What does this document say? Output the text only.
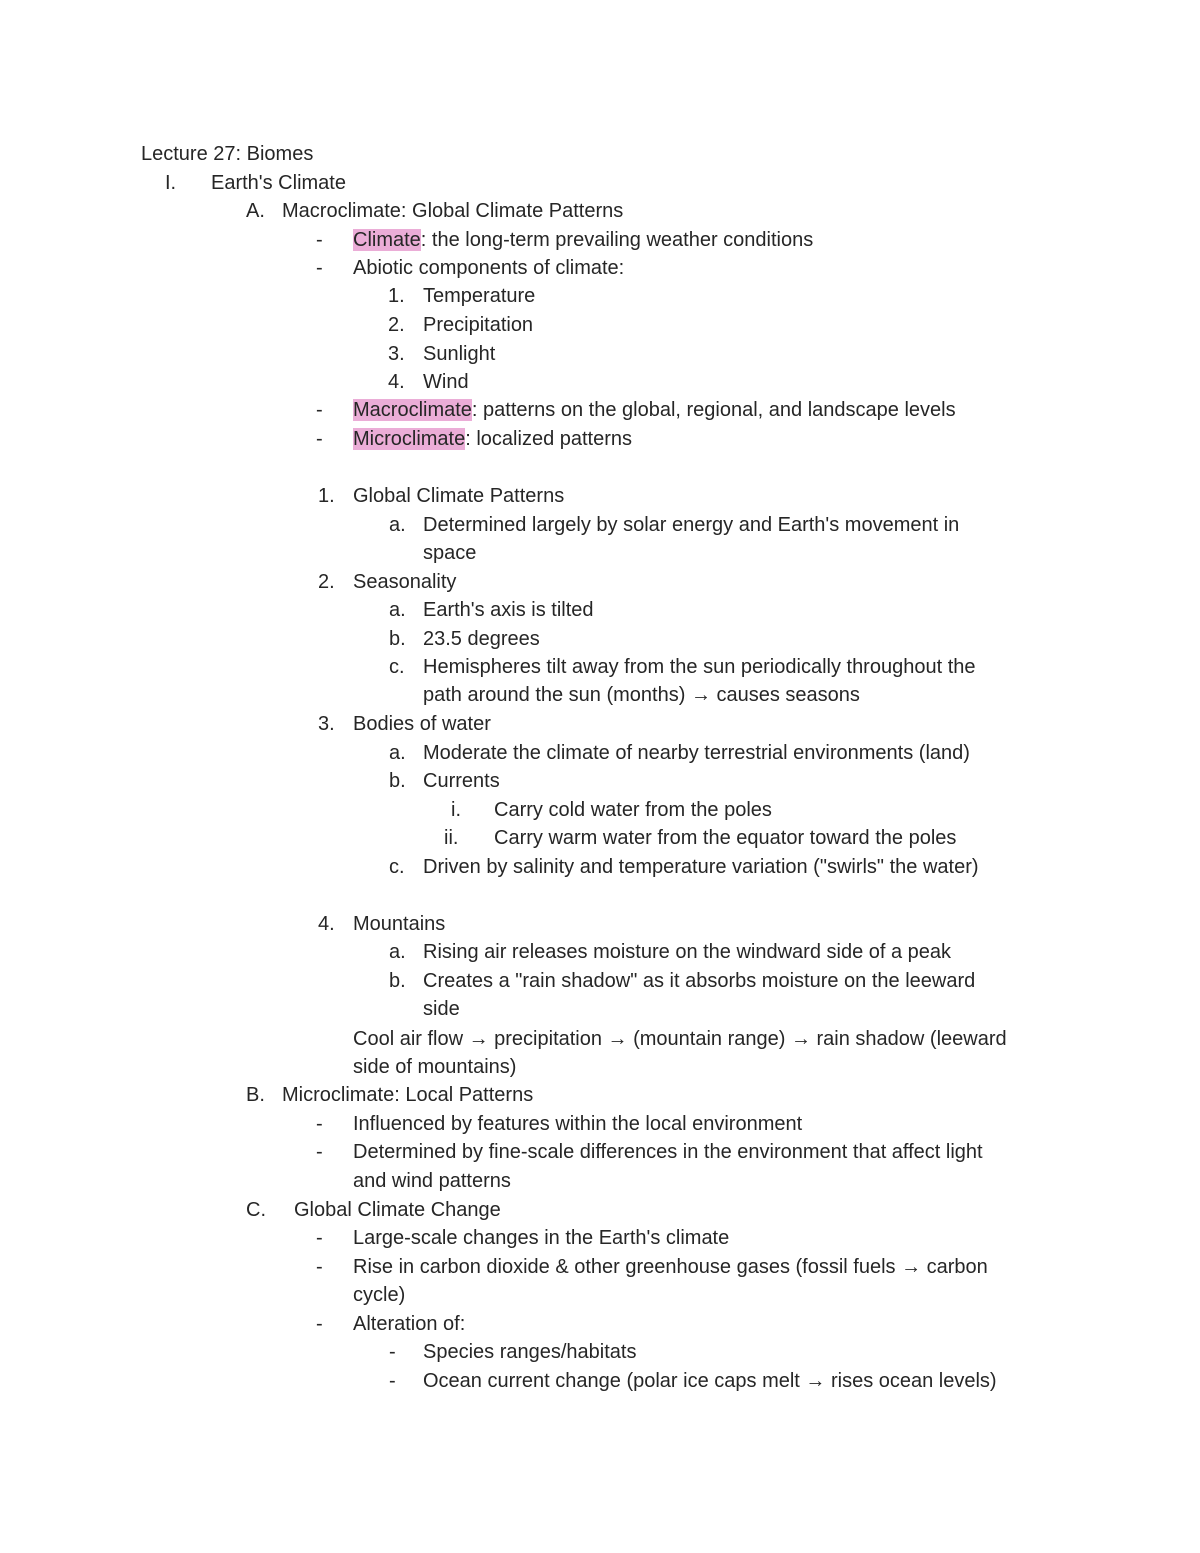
Lecture 27: Biomes
I. Earth's Climate
A. Macroclimate: Global Climate Patterns
- Climate: the long-term prevailing weather conditions
- Abiotic components of climate:
1. Temperature
2. Precipitation
3. Sunlight
4. Wind
- Macroclimate: patterns on the global, regional, and landscape levels
- Microclimate: localized patterns
1. Global Climate Patterns
a. Determined largely by solar energy and Earth's movement in
space
2. Seasonality
a. Earth's axis is tilted
b. 23.5 degrees
c. Hemispheres tilt away from the sun periodically throughout the
path around the sun (months) → causes seasons
3. Bodies of water
a. Moderate the climate of nearby terrestrial environments (land)
b. Currents
i. Carry cold water from the poles
ii. Carry warm water from the equator toward the poles
c. Driven by salinity and temperature variation ("swirls" the water)
4. Mountains
a. Rising air releases moisture on the windward side of a peak
b. Creates a "rain shadow" as it absorbs moisture on the leeward
side
Cool air flow → precipitation → (mountain range) → rain shadow (leeward
side of mountains)
B. Microclimate: Local Patterns
- Influenced by features within the local environment
- Determined by fine-scale differences in the environment that affect light
and wind patterns
C. Global Climate Change
- Large-scale changes in the Earth's climate
- Rise in carbon dioxide & other greenhouse gases (fossil fuels → carbon
cycle)
- Alteration of:
- Species ranges/habitats
- Ocean current change (polar ice caps melt → rises ocean levels)
